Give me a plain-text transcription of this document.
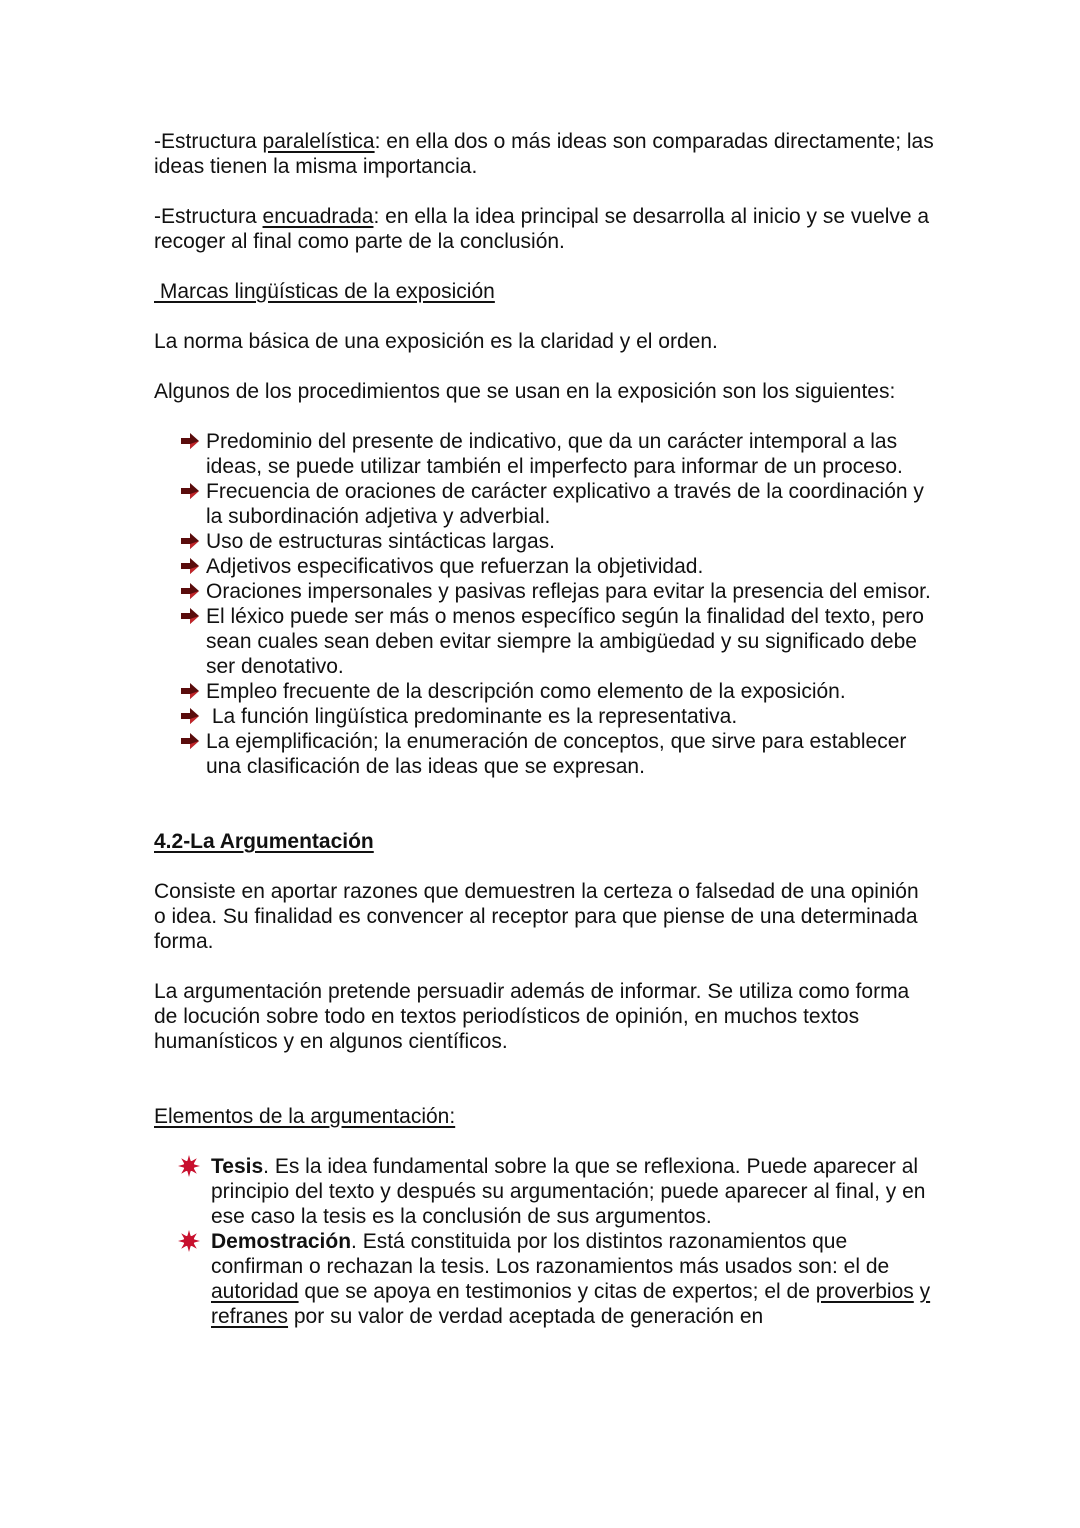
-Estructura paralelística: en ella dos o más ideas son comparadas directamente; las ideas tienen la misma importancia.

-Estructura encuadrada: en ella la idea principal se desarrolla al inicio y se vuelve a recoger al final como parte de la conclusión.

Marcas lingüísticas de la exposición

La norma básica de una exposición es la claridad y el orden.

Algunos de los procedimientos que se usan en la exposición son los siguientes:

Predominio del presente de indicativo, que da un carácter intemporal a las ideas, se puede utilizar también el imperfecto para informar de un proceso.
Frecuencia de oraciones de carácter explicativo a través de la coordinación y la subordinación adjetiva y adverbial.
Uso de estructuras sintácticas largas.
Adjetivos especificativos que refuerzan la objetividad.
Oraciones impersonales y pasivas reflejas para evitar la presencia del emisor.
El léxico puede ser más o menos específico según la finalidad del texto, pero sean cuales sean deben evitar siempre la ambigüedad y su significado debe ser denotativo.
Empleo frecuente de la descripción como elemento de la exposición.
La función lingüística predominante es la representativa.
La ejemplificación; la enumeración de conceptos, que sirve para establecer una clasificación de las ideas que se expresan.

4.2-La Argumentación

Consiste en aportar razones que demuestren la certeza o falsedad de una opinión o idea. Su finalidad es convencer al receptor para que piense de una determinada forma.

La argumentación pretende persuadir además de informar. Se utiliza como forma de locución sobre todo en textos periodísticos de opinión, en muchos textos humanísticos y en algunos científicos.

Elementos de la argumentación:

Tesis. Es la idea fundamental sobre la que se reflexiona. Puede aparecer al principio del texto y después su argumentación; puede aparecer al final, y en ese caso la tesis es la conclusión de sus argumentos.
Demostración. Está constituida por los distintos razonamientos que confirman o rechazan la tesis. Los razonamientos más usados son: el de autoridad que se apoya en testimonios y citas de expertos; el de proverbios y refranes por su valor de verdad aceptada de generación en
